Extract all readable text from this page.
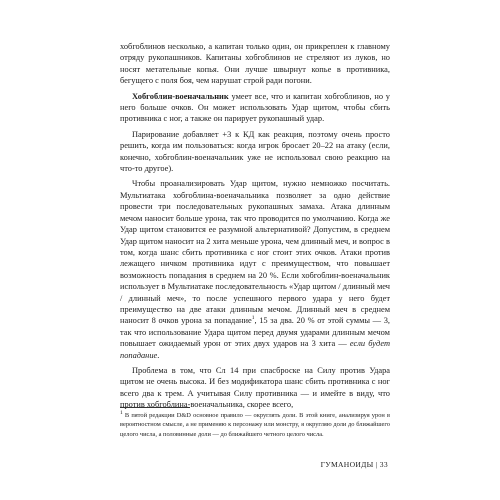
хобгоблинов несколько, а капитан только один, он прикреплен к главному отряду рукопашников. Капитаны хобгоблинов не стреляют из луков, но носят метательные копья. Они лучше швырнут копье в противника, бегущего с поля боя, чем нарушат строй ради погони.

Хобгоблин-военачальник умеет все, что и капитан хобгоблинов, но у него больше очков. Он может использовать Удар щитом, чтобы сбить противника с ног, а также он парирует рукопашный удар.

Парирование добавляет +3 к КД как реакция, поэтому очень просто решить, когда им пользоваться: когда игрок бросает 20–22 на атаку (если, конечно, хобгоблин-военачальник уже не использовал свою реакцию на что-то другое).

Чтобы проанализировать Удар щитом, нужно немножко посчитать. Мультиатака хобгоблина-военачальника позволяет за одно действие провести три последовательных рукопашных замаха. Атака длинным мечом наносит больше урона, так что проводится по умолчанию. Когда же Удар щитом становится ее разумной альтернативой? Допустим, в среднем Удар щитом наносит на 2 хита меньше урона, чем длинный меч, и вопрос в том, когда шанс сбить противника с ног стоит этих очков. Атаки против лежащего ничком противника идут с преимуществом, что повышает возможность попадания в среднем на 20 %. Если хобгоблин-военачальник использует в Мультиатаке последовательность «Удар щитом / длинный меч / длинный меч», то после успешного первого удара у него будет преимущество на две атаки длинным мечом. Длинный меч в среднем наносит 8 очков урона за попадание$^1$, 15 за два. 20 % от этой суммы — 3, так что использование Удара щитом перед двумя ударами длинным мечом повышает ожидаемый урон от этих двух ударов на 3 хита — если будет попадание.

Проблема в том, что Сл 14 при спасброске на Силу против Удара щитом не очень высока. И без модификатора шанс сбить противника с ног всего два к трем. А учитывая Силу противника — и имейте в виду, что против хобгоблина-военачальника, скорее всего,

$^1$ В пятой редакции D&D основное правило — округлять доли. В этой книге, анализируя урон в вероятностном смысле, а не применяю к персонажу или монстру, я округляю доли до ближайшего целого числа, а половинные доли — до ближайшего четного целого числа.
ГУМАНОИДЫ | 33
